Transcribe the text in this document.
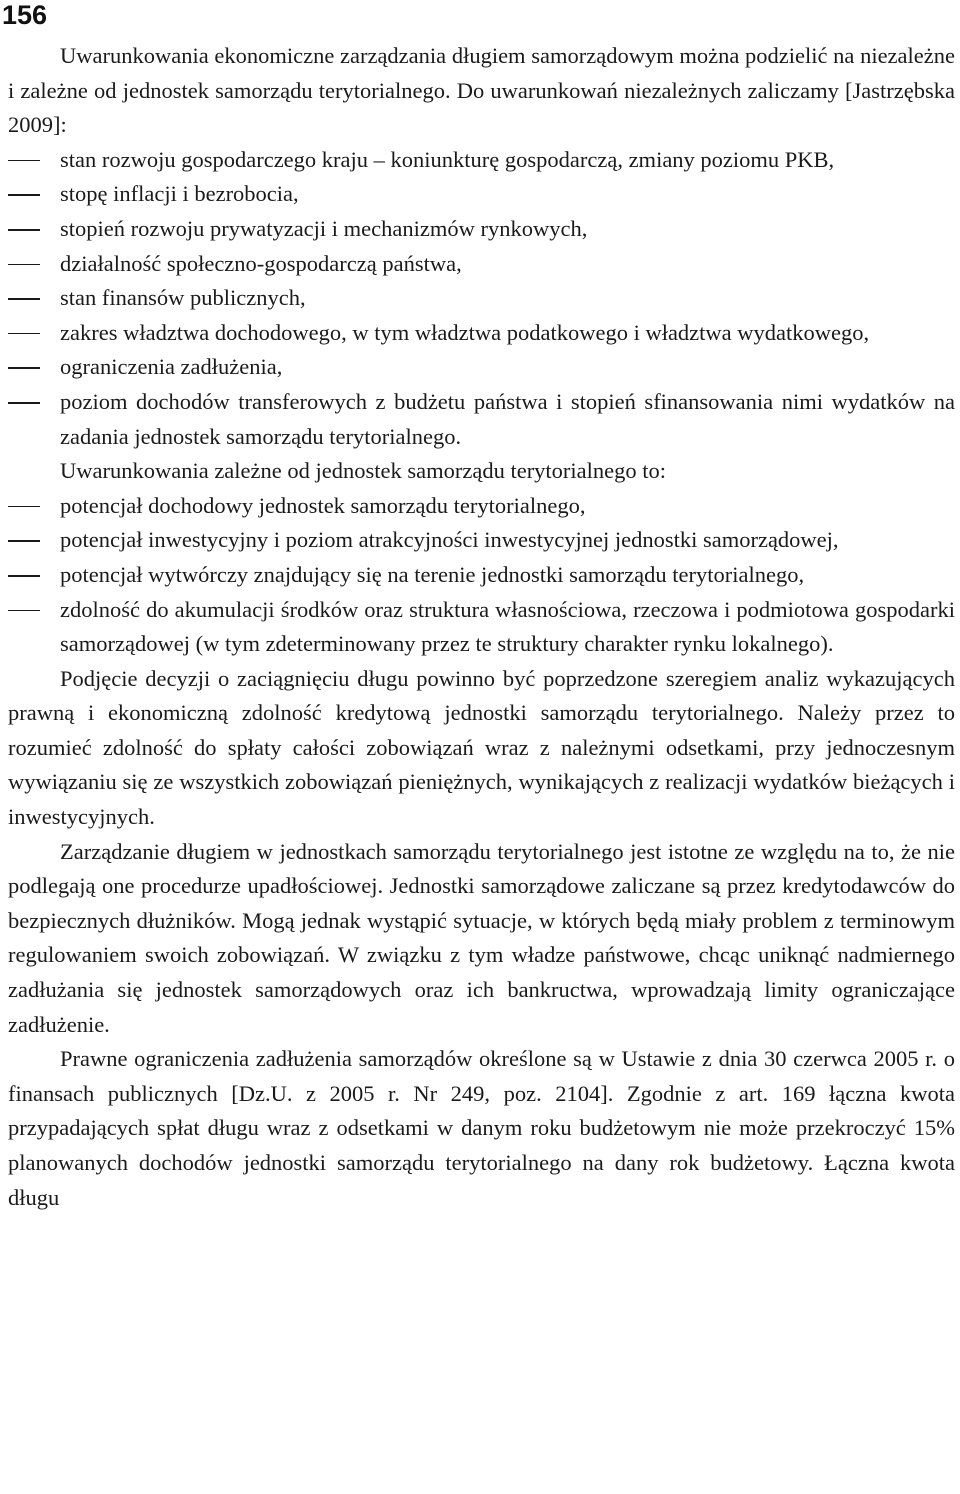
156

Uwarunkowania ekonomiczne zarządzania długiem samorządowym można podzielić na niezależne i zależne od jednostek samorządu terytorialnego. Do uwarunkowań niezależnych zaliczamy [Jastrzębska 2009]:

stan rozwoju gospodarczego kraju – koniunkturę gospodarczą, zmiany poziomu PKB,
stopę inflacji i bezrobocia,
stopień rozwoju prywatyzacji i mechanizmów rynkowych,
działalność społeczno-gospodarczą państwa,
stan finansów publicznych,
zakres władztwa dochodowego, w tym władztwa podatkowego i władztwa wydatkowego,
ograniczenia zadłużenia,
poziom dochodów transferowych z budżetu państwa i stopień sfinansowania nimi wydatków na zadania jednostek samorządu terytorialnego.

Uwarunkowania zależne od jednostek samorządu terytorialnego to:

potencjał dochodowy jednostek samorządu terytorialnego,
potencjał inwestycyjny i poziom atrakcyjności inwestycyjnej jednostki samorządowej,
potencjał wytwórczy znajdujący się na terenie jednostki samorządu terytorialnego,
zdolność do akumulacji środków oraz struktura własnościowa, rzeczowa i podmiotowa gospodarki samorządowej (w tym zdeterminowany przez te struktury charakter rynku lokalnego).

Podjęcie decyzji o zaciągnięciu długu powinno być poprzedzone szeregiem analiz wykazujących prawną i ekonomiczną zdolność kredytową jednostki samorządu terytorialnego. Należy przez to rozumieć zdolność do spłaty całości zobowiązań wraz z należnymi odsetkami, przy jednoczesnym wywiązaniu się ze wszystkich zobowiązań pieniężnych, wynikających z realizacji wydatków bieżących i inwestycyjnych.

Zarządzanie długiem w jednostkach samorządu terytorialnego jest istotne ze względu na to, że nie podlegają one procedurze upadłościowej. Jednostki samorządowe zaliczane są przez kredytodawców do bezpiecznych dłużników. Mogą jednak wystąpić sytuacje, w których będą miały problem z terminowym regulowaniem swoich zobowiązań. W związku z tym władze państwowe, chcąc uniknąć nadmiernego zadłużania się jednostek samorządowych oraz ich bankructwa, wprowadzają limity ograniczające zadłużenie.

Prawne ograniczenia zadłużenia samorządów określone są w Ustawie z dnia 30 czerwca 2005 r. o finansach publicznych [Dz.U. z 2005 r. Nr 249, poz. 2104]. Zgodnie z art. 169 łączna kwota przypadających spłat długu wraz z odsetkami w danym roku budżetowym nie może przekroczyć 15% planowanych dochodów jednostki samorządu terytorialnego na dany rok budżetowy. Łączna kwota długu
